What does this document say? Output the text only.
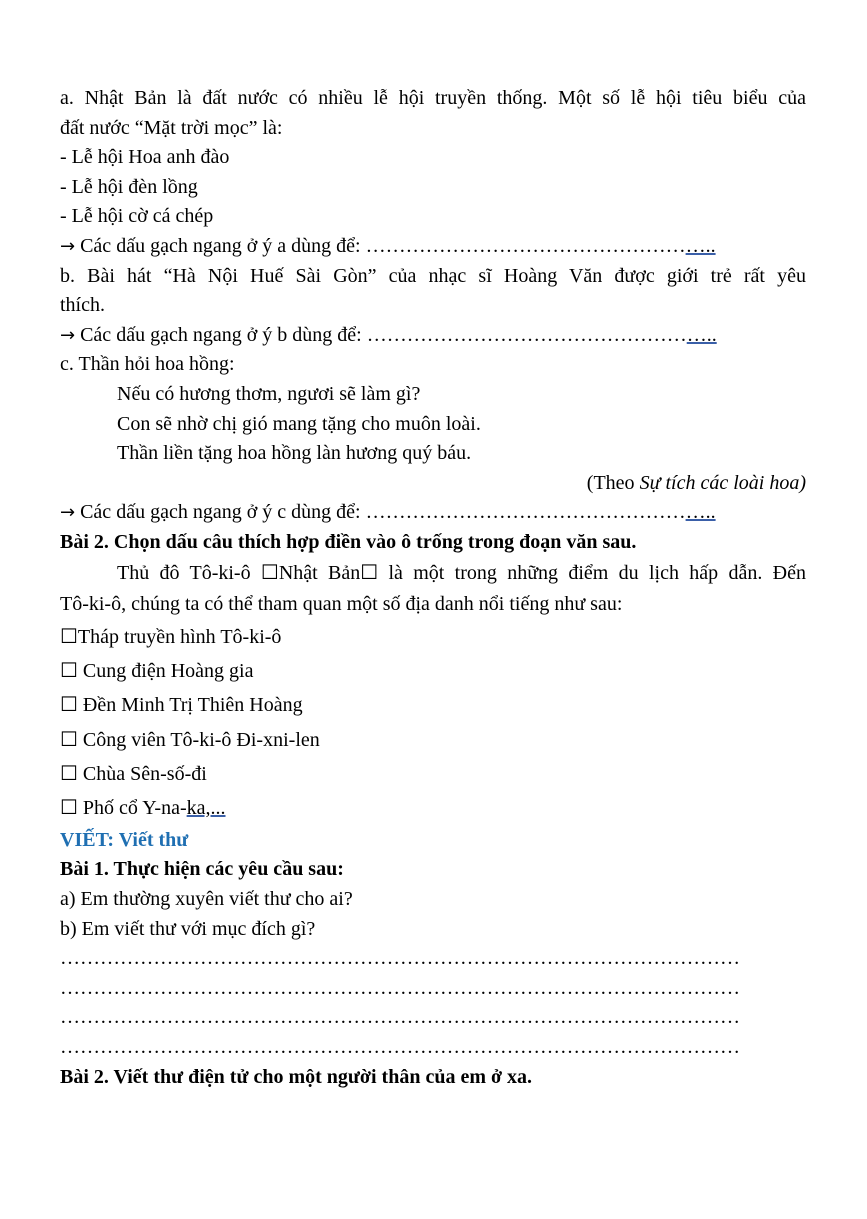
a. Nhật Bản là đất nước có nhiều lễ hội truyền thống. Một số lễ hội tiêu biểu của
đất nước “Mặt trời mọc” là:
- Lễ hội Hoa anh đào
- Lễ hội đèn lồng
- Lễ hội cờ cá chép
→ Các dấu gạch ngang ở ý a dùng để: ……………………………………………..
b. Bài hát “Hà Nội Huế Sài Gòn” của nhạc sĩ Hoàng Văn được giới trẻ rất yêu
thích.
→ Các dấu gạch ngang ở ý b dùng để: ……………………………………………..
c. Thần hỏi hoa hồng:
Nếu có hương thơm, ngươi sẽ làm gì?
Con sẽ nhờ chị gió mang tặng cho muôn loài.
Thần liền tặng hoa hồng làn hương quý báu.
(Theo Sự tích các loài hoa)
→ Các dấu gạch ngang ở ý c dùng để: ……………………………………………..
Bài 2. Chọn dấu câu thích hợp điền vào ô trống trong đoạn văn sau.
Thủ đô Tô-ki-ô ☐Nhật Bản☐ là một trong những điểm du lịch hấp dẫn. Đến
Tô-ki-ô, chúng ta có thể tham quan một số địa danh nổi tiếng như sau:
☐Tháp truyền hình Tô-ki-ô
☐ Cung điện Hoàng gia
☐ Đền Minh Trị Thiên Hoàng
☐ Công viên Tô-ki-ô Đi-xni-len
☐ Chùa Sên-số-đi
☐ Phố cổ Y-na-ka,...
VIẾT: Viết thư
Bài 1. Thực hiện các yêu cầu sau:
a) Em thường xuyên viết thư cho ai?
b) Em viết thư với mục đích gì?
…………………………………………………………………………………………
…………………………………………………………………………………………
…………………………………………………………………………………………
…………………………………………………………………………………………
Bài 2. Viết thư điện tử cho một người thân của em ở xa.
